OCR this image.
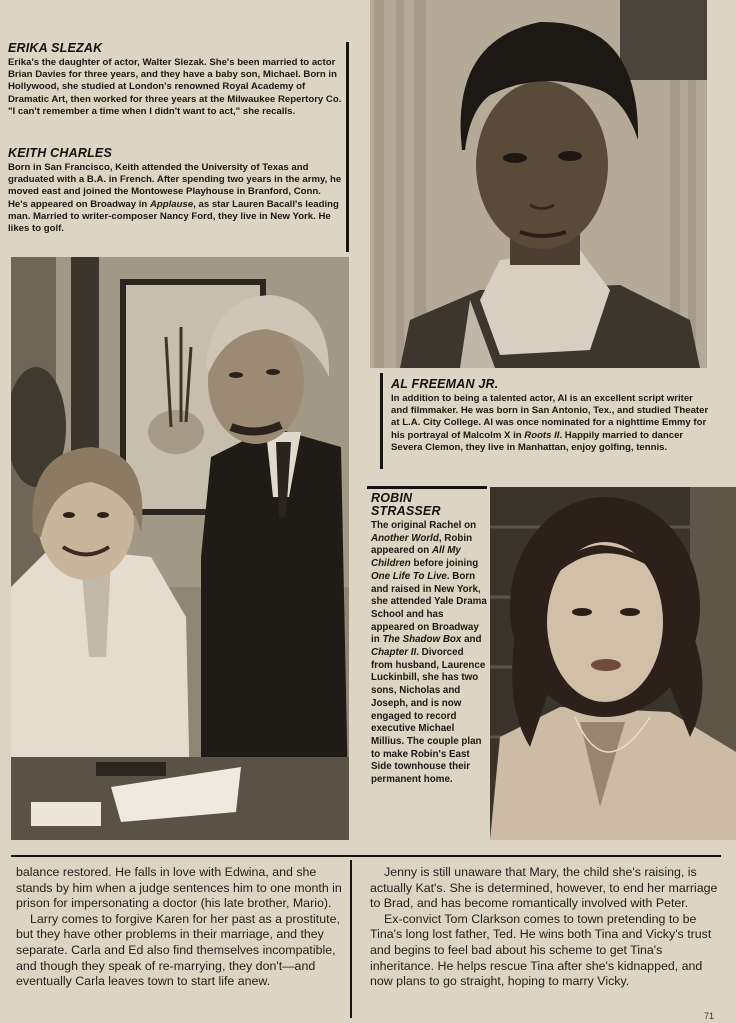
ERIKA SLEZAK

Erika's the daughter of actor, Walter Slezak. She's been married to actor Brian Davies for three years, and they have a baby son, Michael. Born in Hollywood, she studied at London's renowned Royal Academy of Dramatic Art, then worked for three years at the Milwaukee Repertory Co. "I can't remember a time when I didn't want to act," she recalls.

KEITH CHARLES

Born in San Francisco, Keith attended the University of Texas and graduated with a B.A. in French. After spending two years in the army, he moved east and joined the Montowese Playhouse in Branford, Conn. He's appeared on Broadway in Applause, as star Lauren Bacall's leading man. Married to writer-composer Nancy Ford, they live in New York. He likes to golf.

AL FREEMAN JR.

In addition to being a talented actor, Al is an excellent script writer and filmmaker. He was born in San Antonio, Tex., and studied Theater at L.A. City College. Al was once nominated for a nighttime Emmy for his portrayal of Malcolm X in Roots II. Happily married to dancer Severa Clemon, they live in Manhattan, enjoy golfing, tennis.

ROBIN
STRASSER

The original Rachel on Another World, Robin appeared on All My Children before joining One Life To Live. Born and raised in New York, she attended Yale Drama School and has appeared on Broadway in The Shadow Box and Chapter II. Divorced from husband, Laurence Luckinbill, she has two sons, Nicholas and Joseph, and is now engaged to record executive Michael Millius. The couple plan to make Robin's East Side townhouse their permanent home.

balance restored. He falls in love with Edwina, and she stands by him when a judge sentences him to one month in prison for impersonating a doctor (his late brother, Mario).

Larry comes to forgive Karen for her past as a prostitute, but they have other problems in their marriage, and they separate. Carla and Ed also find themselves incompatible, and though they speak of re-marrying, they don't—and eventually Carla leaves town to start life anew.

Jenny is still unaware that Mary, the child she's raising, is actually Kat's. She is determined, however, to end her marriage to Brad, and has become romantically involved with Peter.

Ex-convict Tom Clarkson comes to town pretending to be Tina's long lost father, Ted. He wins both Tina and Vicky's trust and begins to feel bad about his scheme to get Tina's inheritance. He helps rescue Tina after she's kidnapped, and now plans to go straight, hoping to marry Vicky.

71
